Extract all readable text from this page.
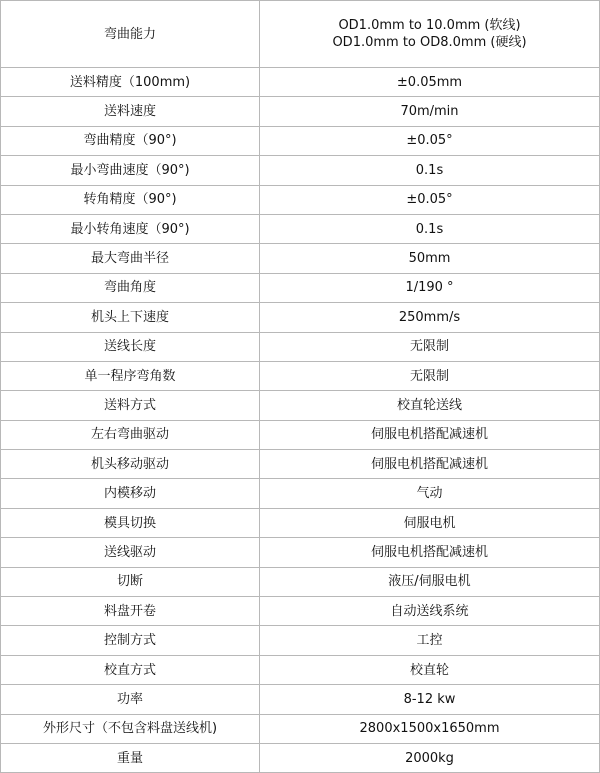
弯曲能力	OD1.0mm to 10.0mm (软线)
OD1.0mm to OD8.0mm (硬线)

送料精度（100mm)	±0.05mm
送料速度	70m/min
弯曲精度（90°)	±0.05°
最小弯曲速度（90°)	0.1s
转角精度（90°)	±0.05°
最小转角速度（90°)	0.1s
最大弯曲半径	50mm
弯曲角度	1/190 °
机头上下速度	250mm/s
送线长度	无限制
单一程序弯角数	无限制
送料方式	校直轮送线
左右弯曲驱动	伺服电机搭配减速机
机头移动驱动	伺服电机搭配减速机
内模移动	气动
模具切换	伺服电机
送线驱动	伺服电机搭配减速机
切断	液压/伺服电机
料盘开卷	自动送线系统
控制方式	工控
校直方式	校直轮
功率	8-12 kw
外形尺寸（不包含料盘送线机)	2800x1500x1650mm
重量	2000kg
